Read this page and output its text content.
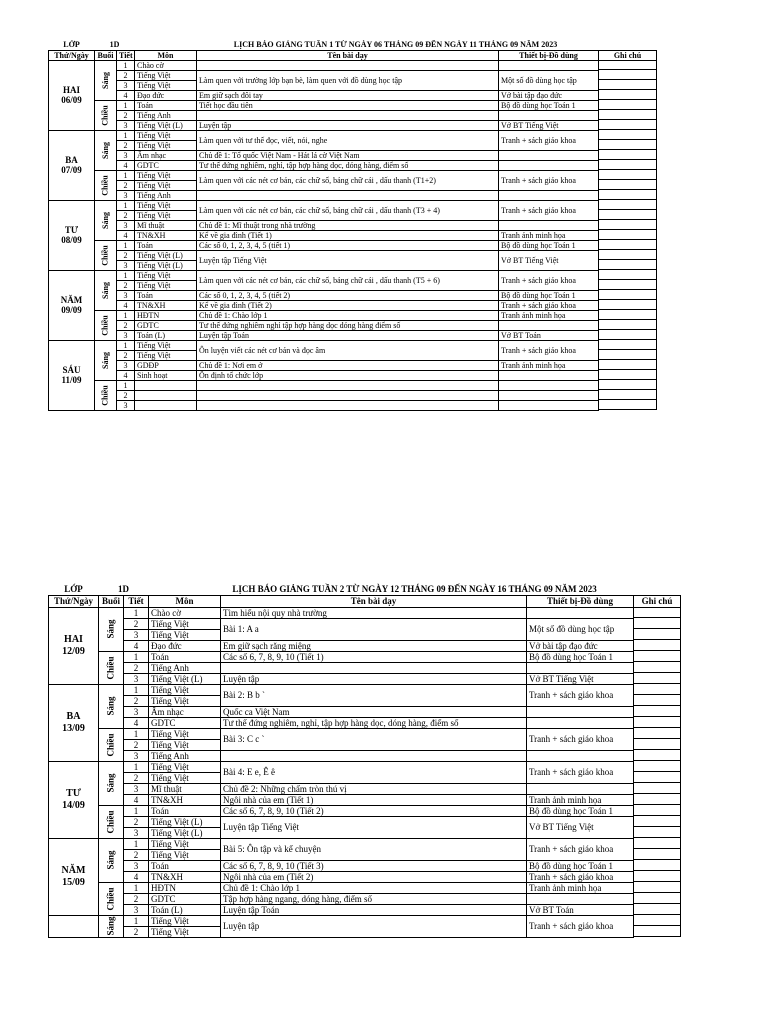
LỚP	1D		LỊCH BÁO GIẢNG TUẦN 1 TỪ NGÀY 06 THÁNG 09 ĐẾN NGÀY 11 THÁNG 09 NĂM 2023			
Thứ/Ngày	Buổi	Tiết	Môn	Tên bài dạy	Thiết bị-Đồ dùng	Ghi chú

HAI
06/09	Sáng	1	Chào cờ			
		2	Tiếng Việt	Làm quen với trường lớp bạn bè, làm quen với đồ dùng học tập	Một số đồ dùng học tập	
		3	Tiếng Việt			
		4	Đạo đức	Em giữ sạch đôi tay	Vở bài tập đạo đức	
	Chiều	1	Toán	Tiết học đầu tiên	Bộ đồ dùng học Toán 1	
		2	Tiếng Anh			
		3	Tiếng Việt (L)	Luyện tập	Vở BT Tiếng Việt	

BA
07/09	Sáng	1	Tiếng Việt	Làm quen với tư thế đọc, viết, nói, nghe	Tranh + sách giáo khoa	
		2	Tiếng Việt			
		3	Âm nhạc	Chủ đề 1: Tổ quốc Việt Nam - Hát lá cờ Việt Nam		
		4	GDTC	Tư thế đứng nghiêm, nghỉ, tập hợp hàng dọc, dóng hàng, điểm số		
	Chiều	1	Tiếng Việt	Làm quen với các nét cơ bản, các chữ số, bảng chữ cái , dấu thanh (T1+2)	Tranh + sách giáo khoa	
		2	Tiếng Việt			
		3	Tiếng Anh			

TƯ
08/09	Sáng	1	Tiếng Việt	Làm quen với các nét cơ bản, các chữ số, bảng chữ cái , dấu thanh (T3 + 4)	Tranh + sách giáo khoa	
		2	Tiếng Việt			
		3	Mĩ thuật	Chủ đề 1: Mĩ thuật trong nhà trường		
		4	TN&XH	Kể về gia đình (Tiết 1)	Tranh ảnh minh họa	
	Chiều	1	Toán	Các số 0, 1, 2, 3, 4, 5 (tiết 1)	Bộ đồ dùng học Toán 1	
		2	Tiếng Việt (L)	Luyện tập Tiếng Việt	Vở BT Tiếng Việt	
		3	Tiếng Việt (L)			

NĂM
09/09	Sáng	1	Tiếng Việt	Làm quen với các nét cơ bản, các chữ số, bảng chữ cái , dấu thanh (T5 + 6)	Tranh + sách giáo khoa	
		2	Tiếng Việt			
		3	Toán	Các số 0, 1, 2, 3, 4, 5 (tiết 2)	Bộ đồ dùng học Toán 1	
		4	TN&XH	Kể về gia đình (Tiết 2)	Tranh + sách giáo khoa	
	Chiều	1	HĐTN	Chủ đề 1: Chào lớp 1	Tranh ảnh minh họa	
		2	GDTC	Tư thế đứng nghiêm nghỉ tập hợp hàng dọc dóng hàng điểm số		
		3	Toán (L)	Luyện tập Toán	Vở BT Toán	

SÁU
11/09	Sáng	1	Tiếng Việt	Ôn luyện viết các nét cơ bản và đọc âm	Tranh + sách giáo khoa	
		2	Tiếng Việt			
		3	GDĐP	Chủ đề 1: Nơi em ở	Tranh ảnh minh họa	
		4	Sinh hoạt	Ổn định tổ chức lớp		
	Chiều	1				
		2				
		3				
LỚP	1D		LỊCH BÁO GIẢNG TUẦN 2 TỪ NGÀY 12 THÁNG 09 ĐẾN NGÀY 16 THÁNG 09 NĂM 2023			
Thứ/Ngày	Buổi	Tiết	Môn	Tên bài dạy	Thiết bị-Đồ dùng	Ghi chú

HAI
12/09	Sáng	1	Chào cờ	Tìm hiểu nội quy nhà trường		
		2	Tiếng Việt	Bài 1: A a	Một số đồ dùng học tập	
		3	Tiếng Việt			
		4	Đạo đức	Em giữ sạch răng miệng	Vở bài tập đạo đức	
	Chiều	1	Toán	Các số 6, 7, 8, 9, 10 (Tiết 1)	Bộ đồ dùng học Toán 1	
		2	Tiếng Anh			
		3	Tiếng Việt (L)	Luyện tập	Vở BT Tiếng Việt	

BA
13/09	Sáng	1	Tiếng Việt	Bài 2: B b `	Tranh + sách giáo khoa	
		2	Tiếng Việt			
		3	Âm nhạc	Quốc ca Việt Nam		
		4	GDTC	Tư thế đứng nghiêm, nghỉ, tập hợp hàng dọc, dóng hàng, điểm số		
	Chiều	1	Tiếng Việt	Bài 3: C c `	Tranh + sách giáo khoa	
		2	Tiếng Việt			
		3	Tiếng Anh			

TƯ
14/09	Sáng	1	Tiếng Việt	Bài 4: E e, Ê ê	Tranh + sách giáo khoa	
		2	Tiếng Việt			
		3	Mĩ thuật	Chủ đề 2: Những chấm tròn thú vị		
		4	TN&XH	Ngôi nhà của em (Tiết 1)	Tranh ảnh minh họa	
	Chiều	1	Toán	Các số 6, 7, 8, 9, 10 (Tiết 2)	Bộ đồ dùng học Toán 1	
		2	Tiếng Việt (L)	Luyện tập Tiếng Việt	Vở BT Tiếng Việt	
		3	Tiếng Việt (L)			

NĂM
15/09	Sáng	1	Tiếng Việt	Bài 5: Ôn tập và kể chuyện	Tranh + sách giáo khoa	
		2	Tiếng Việt			
		3	Toán	Các số 6, 7, 8, 9, 10 (Tiết 3)	Bộ đồ dùng học Toán 1	
		4	TN&XH	Ngôi nhà của em (Tiết 2)	Tranh + sách giáo khoa	
	Chiều	1	HĐTN	Chủ đề 1: Chào lớp 1	Tranh ảnh minh họa	
		2	GDTC	Tập hợp hàng ngang, dóng hàng, điểm số		
		3	Toán (L)	Luyện tập Toán	Vở BT Toán	

	Sáng	1	Tiếng Việt	Luyện tập	Tranh + sách giáo khoa	
		2	Tiếng Việt			
